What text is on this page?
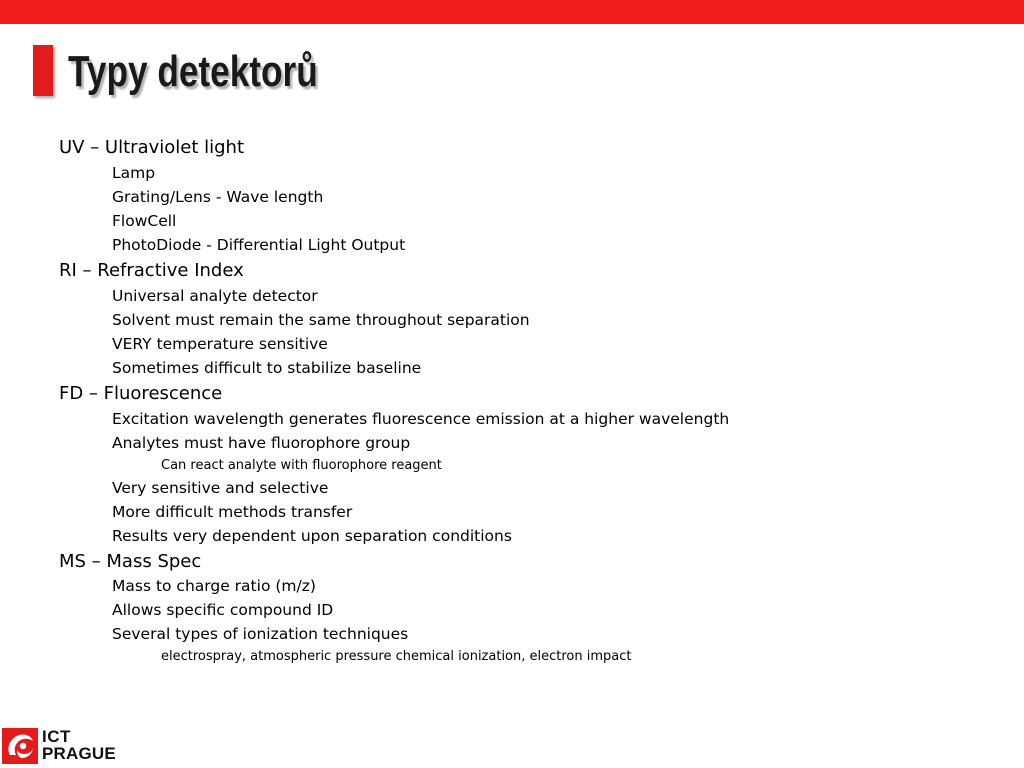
Typy detektorů
UV – Ultraviolet light
Lamp
Grating/Lens - Wave length
FlowCell
PhotoDiode - Differential Light Output
RI – Refractive Index
Universal analyte detector
Solvent must remain the same throughout separation
VERY temperature sensitive
Sometimes difficult to stabilize baseline
FD – Fluorescence
Excitation wavelength generates fluorescence emission at a higher wavelength
Analytes must have fluorophore group
Can react analyte with fluorophore reagent
Very sensitive and selective
More difficult methods transfer
Results very dependent upon separation conditions
MS – Mass Spec
Mass to charge ratio (m/z)
Allows specific compound ID
Several types of ionization techniques
electrospray, atmospheric pressure chemical ionization, electron impact
ICT
PRAGUE
